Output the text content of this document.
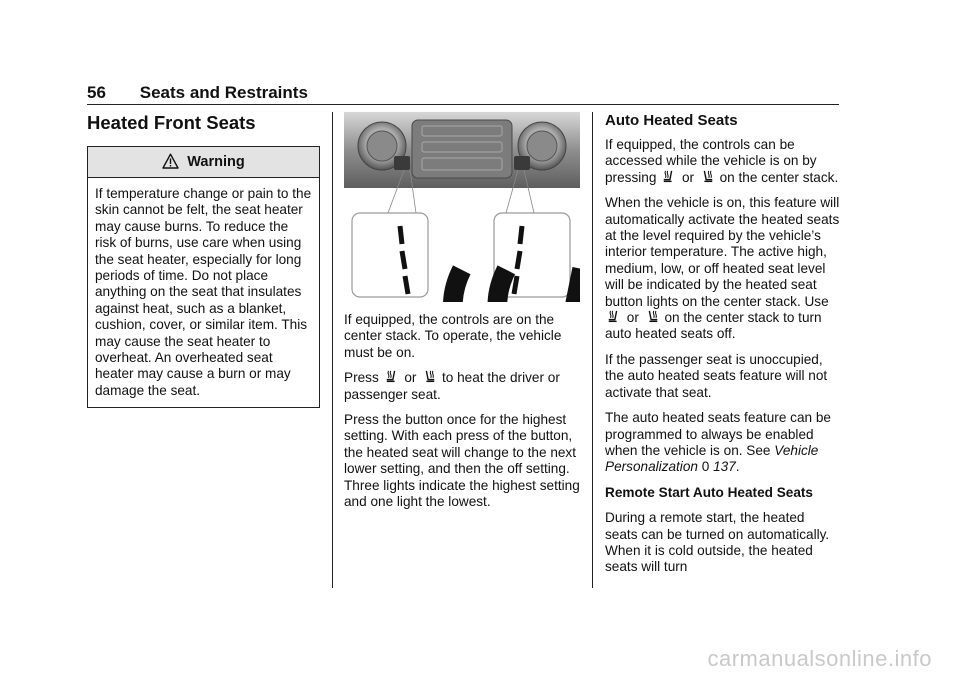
56 Seats and Restraints
Heated Front Seats
Warning
If temperature change or pain to the skin cannot be felt, the seat heater may cause burns. To reduce the risk of burns, use care when using the seat heater, especially for long periods of time. Do not place anything on the seat that insulates against heat, such as a blanket, cushion, cover, or similar item. This may cause the seat heater to overheat. An overheated seat heater may cause a burn or may damage the seat.

If equipped, the controls are on the center stack. To operate, the vehicle must be on.

Press or to heat the driver or passenger seat.

Press the button once for the highest setting. With each press of the button, the heated seat will change to the next lower setting, and then the off setting. Three lights indicate the highest setting and one light the lowest.

Auto Heated Seats

If equipped, the controls can be accessed while the vehicle is on by pressing or on the center stack.

When the vehicle is on, this feature will automatically activate the heated seats at the level required by the vehicle’s interior temperature. The active high, medium, low, or off heated seat level will be indicated by the heated seat button lights on the center stack. Use  or on the center stack to turn auto heated seats off.

If the passenger seat is unoccupied, the auto heated seats feature will not activate that seat.

The auto heated seats feature can be programmed to always be enabled when the vehicle is on. See Vehicle Personalization 0 137.

Remote Start Auto Heated Seats

During a remote start, the heated seats can be turned on automatically. When it is cold outside, the heated seats will turn

carmanualsonline.info
